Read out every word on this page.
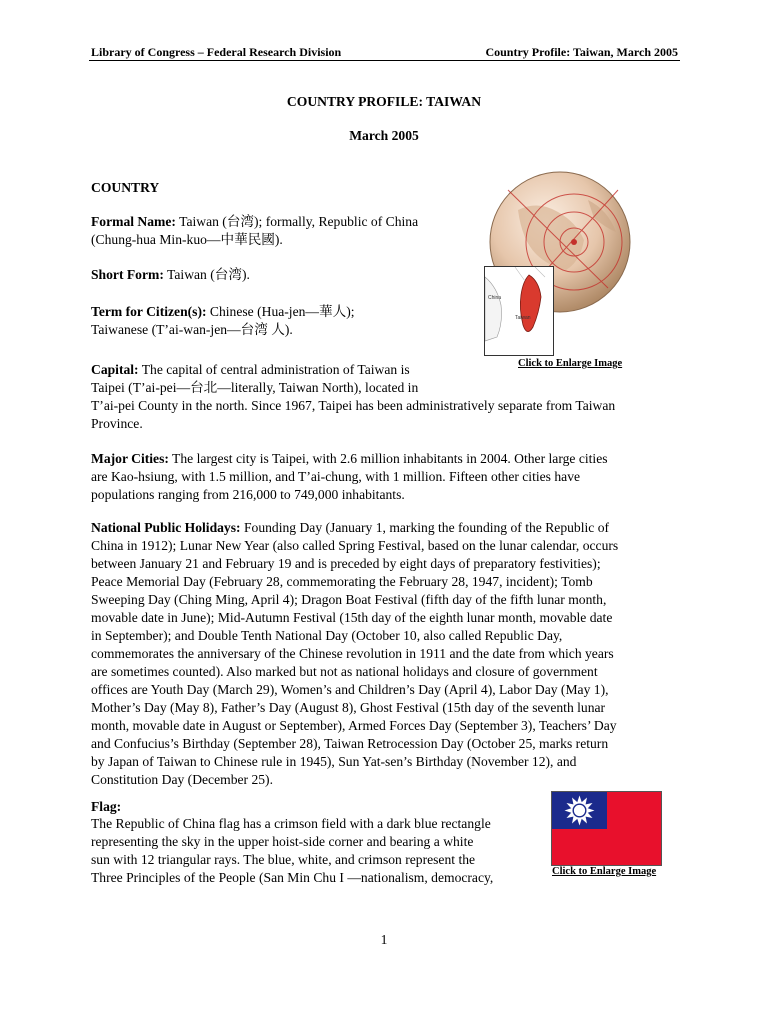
Library of Congress – Federal Research Division	Country Profile: Taiwan, March 2005
COUNTRY PROFILE: TAIWAN
March 2005
COUNTRY
Formal Name: Taiwan (台湾); formally, Republic of China
(Chung-hua Min-kuo—中華民國).
Short Form: Taiwan (台湾).
Term for Citizen(s): Chinese (Hua-jen—華人);
Taiwanese (T’ai-wan-jen—台湾 人).
Capital: The capital of central administration of Taiwan is
Taipei (T’ai-pei—台北—literally, Taiwan North), located in
T’ai-pei County in the north. Since 1967, Taipei has been administratively separate from Taiwan
Province.
Major Cities: The largest city is Taipei, with 2.6 million inhabitants in 2004. Other large cities
are Kao-hsiung, with 1.5 million, and T’ai-chung, with 1 million. Fifteen other cities have
populations ranging from 216,000 to 749,000 inhabitants.
National Public Holidays: Founding Day (January 1, marking the founding of the Republic of
China in 1912); Lunar New Year (also called Spring Festival, based on the lunar calendar, occurs
between January 21 and February 19 and is preceded by eight days of preparatory festivities);
Peace Memorial Day (February 28, commemorating the February 28, 1947, incident); Tomb
Sweeping Day (Ching Ming, April 4); Dragon Boat Festival (fifth day of the fifth lunar month,
movable date in June); Mid-Autumn Festival (15th day of the eighth lunar month, movable date
in September); and Double Tenth National Day (October 10, also called Republic Day,
commemorates the anniversary of the Chinese revolution in 1911 and the date from which years
are sometimes counted). Also marked but not as national holidays and closure of government
offices are Youth Day (March 29), Women’s and Children’s Day (April 4), Labor Day (May 1),
Mother’s Day (May 8), Father’s Day (August 8), Ghost Festival (15th day of the seventh lunar
month, movable date in August or September), Armed Forces Day (September 3), Teachers’ Day
and Confucius’s Birthday (September 28), Taiwan Retrocession Day (October 25, marks return
by Japan of Taiwan to Chinese rule in 1945), Sun Yat-sen’s Birthday (November 12), and
Constitution Day (December 25).
Flag:
The Republic of China flag has a crimson field with a dark blue rectangle
representing the sky in the upper hoist-side corner and bearing a white
sun with 12 triangular rays. The blue, white, and crimson represent the
Three Principles of the People (San Min Chu I —nationalism, democracy,
China
Taiwan
Click to Enlarge Image
Click to Enlarge Image
1
